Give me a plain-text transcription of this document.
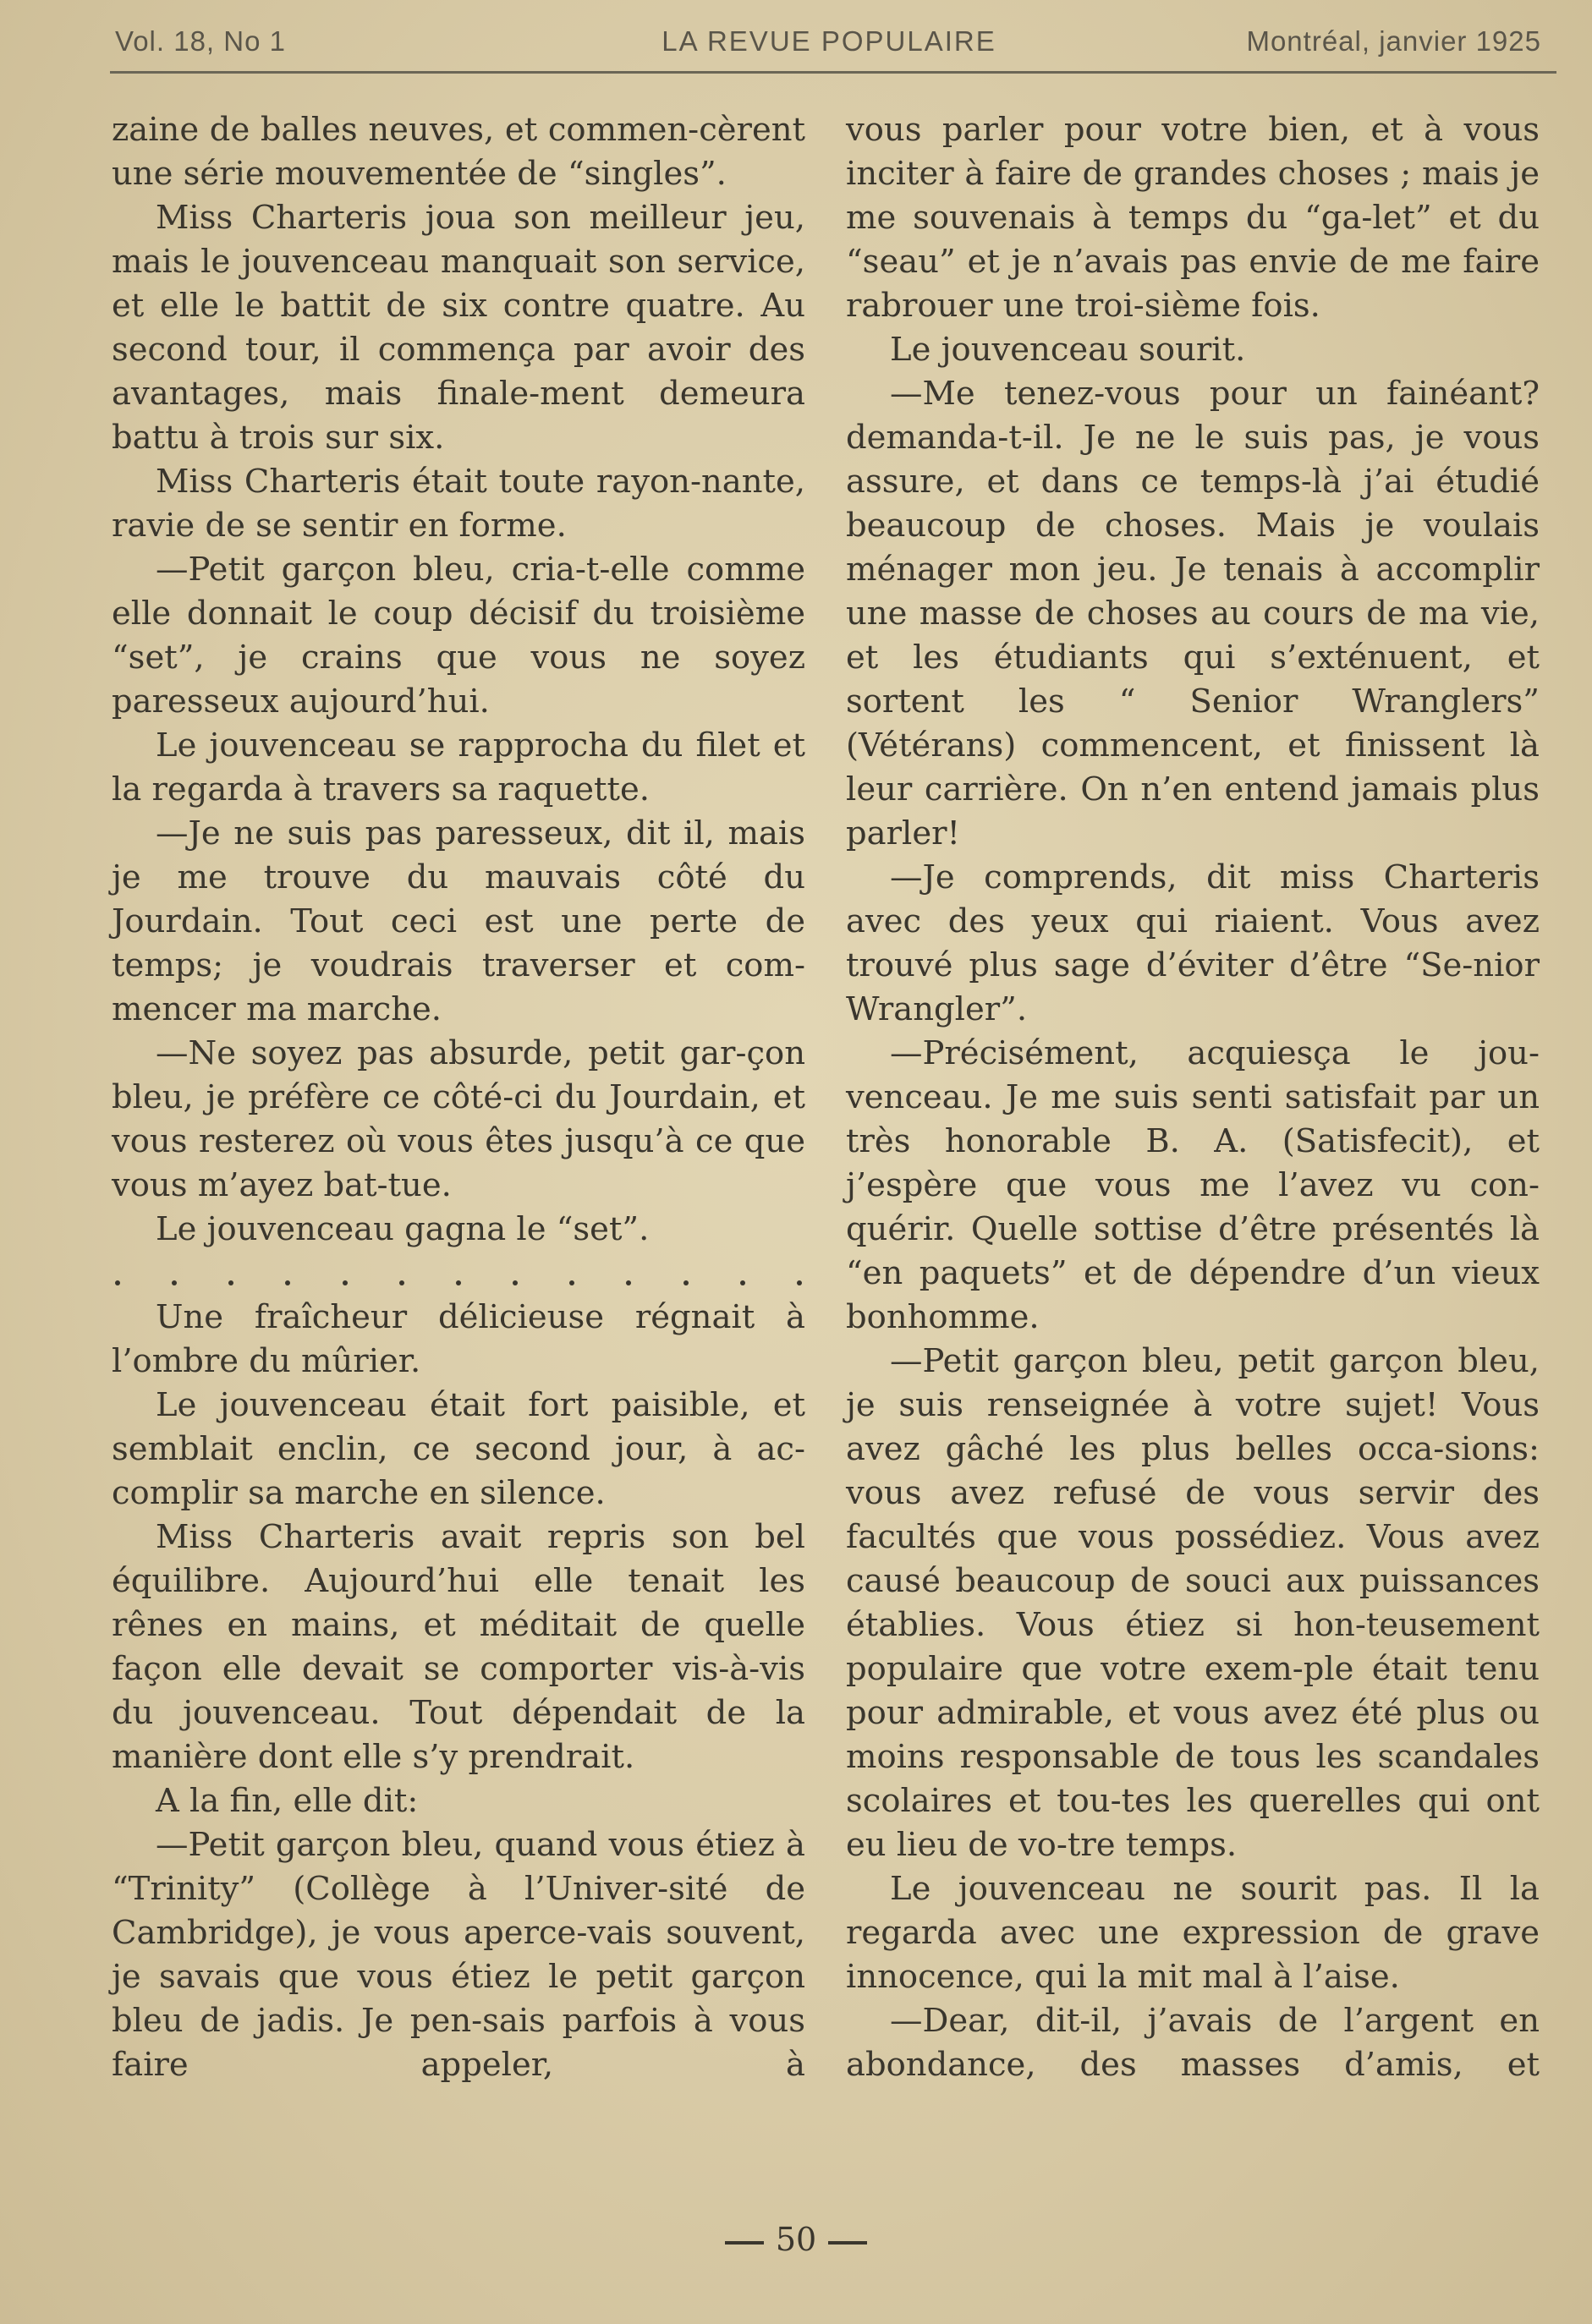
Vol. 18, No 1	LA REVUE POPULAIRE	Montréal, janvier 1925

zaine de balles neuves, et commen-cèrent une série mouvementée de “singles”.

Miss Charteris joua son meilleur jeu, mais le jouvenceau manquait son service, et elle le battit de six contre quatre. Au second tour, il commença par avoir des avantages, mais finale-ment demeura battu à trois sur six.

Miss Charteris était toute rayon-nante, ravie de se sentir en forme.

—Petit garçon bleu, cria-t-elle comme elle donnait le coup décisif du troisième “set”, je crains que vous ne soyez paresseux aujourd’hui.

Le jouvenceau se rapprocha du filet et la regarda à travers sa raquette.

—Je ne suis pas paresseux, dit il, mais je me trouve du mauvais côté du Jourdain. Tout ceci est une perte de temps; je voudrais traverser et com-mencer ma marche.

—Ne soyez pas absurde, petit gar-çon bleu, je préfère ce côté-ci du Jourdain, et vous resterez où vous êtes jusqu’à ce que vous m’ayez bat-tue.

Le jouvenceau gagna le “set”.

Une fraîcheur délicieuse régnait à l’ombre du mûrier.

Le jouvenceau était fort paisible, et semblait enclin, ce second jour, à ac-complir sa marche en silence.

Miss Charteris avait repris son bel équilibre. Aujourd’hui elle tenait les rênes en mains, et méditait de quelle façon elle devait se comporter vis-à-vis du jouvenceau. Tout dépendait de la manière dont elle s’y prendrait.

A la fin, elle dit:

—Petit garçon bleu, quand vous étiez à “Trinity” (Collège à l’Univer-sité de Cambridge), je vous aperce-vais souvent, je savais que vous étiez le petit garçon bleu de jadis. Je pen-sais parfois à vous faire appeler, à

vous parler pour votre bien, et à vous inciter à faire de grandes choses ; mais je me souvenais à temps du “ga-let” et du “seau” et je n’avais pas envie de me faire rabrouer une troi-sième fois.

Le jouvenceau sourit.

—Me tenez-vous pour un fainéant? demanda-t-il. Je ne le suis pas, je vous assure, et dans ce temps-là j’ai étudié beaucoup de choses. Mais je voulais ménager mon jeu. Je tenais à accomplir une masse de choses au cours de ma vie, et les étudiants qui s’exténuent, et sortent les “ Senior Wranglers” (Vétérans) commencent, et finissent là leur carrière. On n’en entend jamais plus parler!

—Je comprends, dit miss Charteris avec des yeux qui riaient. Vous avez trouvé plus sage d’éviter d’être “Se-nior Wrangler”.

—Précisément, acquiesça le jou-venceau. Je me suis senti satisfait par un très honorable B. A. (Satisfecit), et j’espère que vous me l’avez vu con-quérir. Quelle sottise d’être présentés là “en paquets” et de dépendre d’un vieux bonhomme.

—Petit garçon bleu, petit garçon bleu, je suis renseignée à votre sujet! Vous avez gâché les plus belles occa-sions: vous avez refusé de vous servir des facultés que vous possédiez. Vous avez causé beaucoup de souci aux puissances établies. Vous étiez si hon-teusement populaire que votre exem-ple était tenu pour admirable, et vous avez été plus ou moins responsable de tous les scandales scolaires et tou-tes les querelles qui ont eu lieu de vo-tre temps.

Le jouvenceau ne sourit pas. Il la regarda avec une expression de grave innocence, qui la mit mal à l’aise.

—Dear, dit-il, j’avais de l’argent en abondance, des masses d’amis, et

50
